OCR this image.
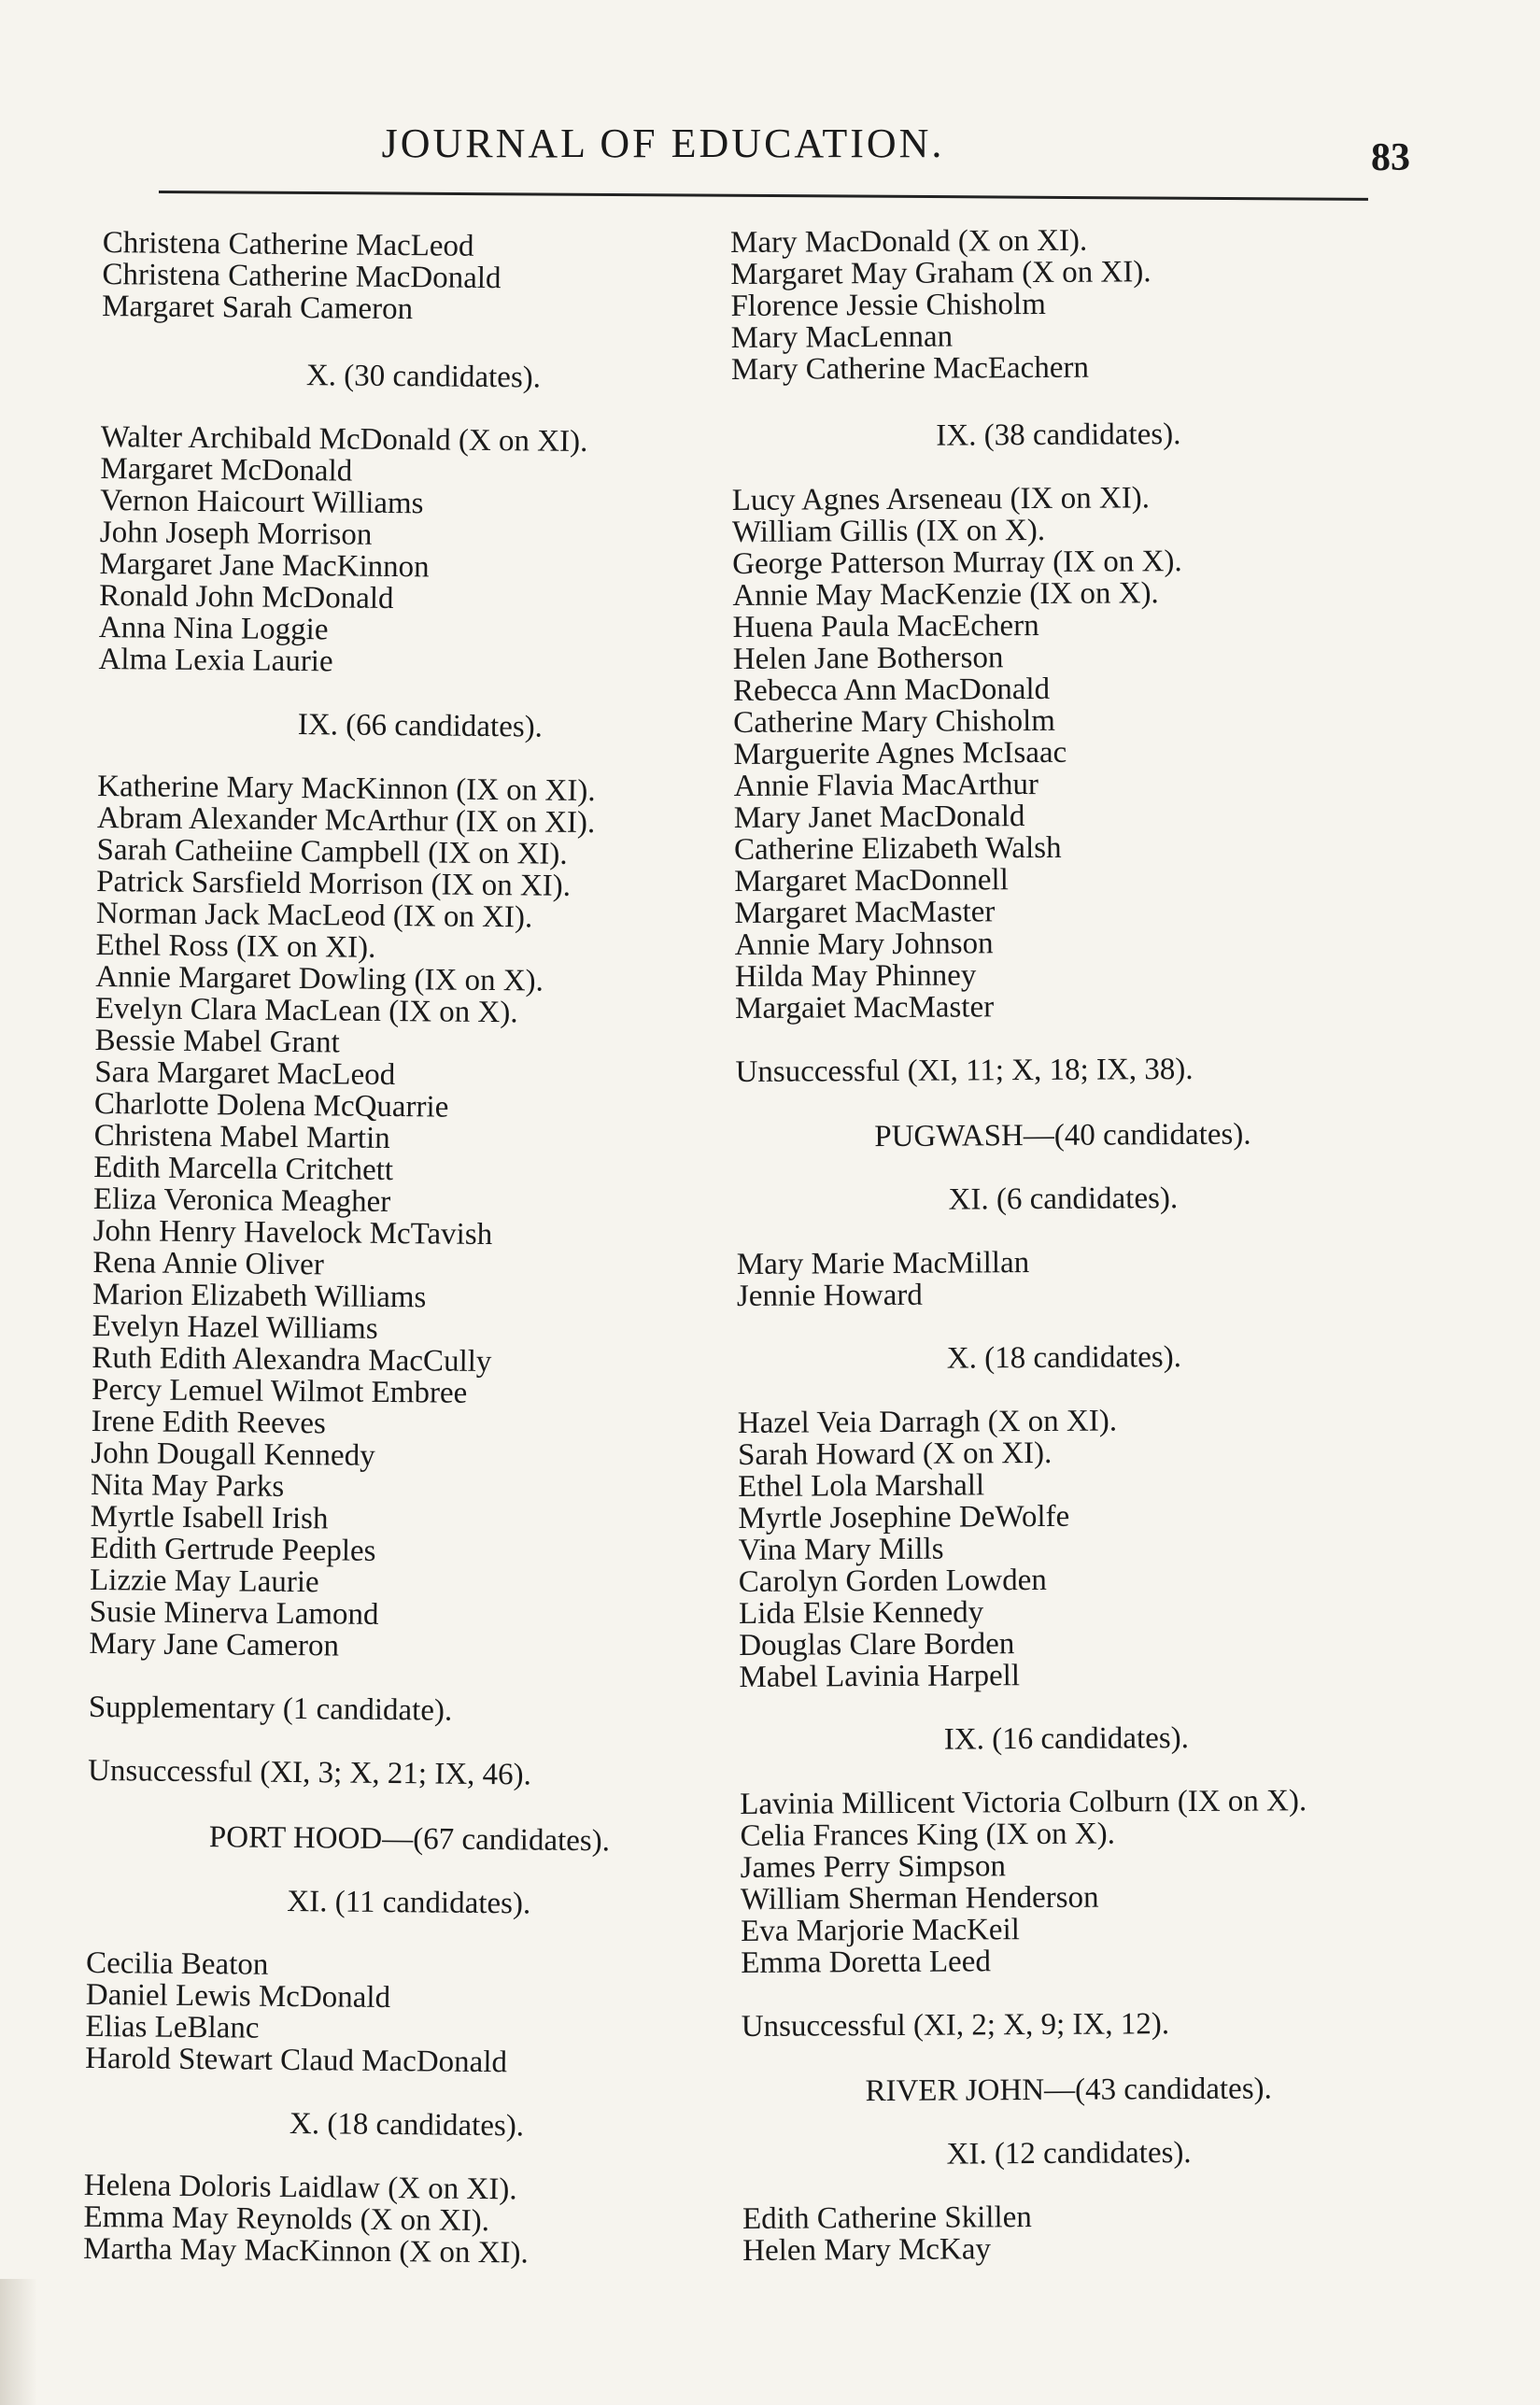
JOURNAL OF EDUCATION.	83
Christena Catherine MacLeod
Christena Catherine MacDonald
Margaret Sarah Cameron
X. (30 candidates).
Walter Archibald McDonald (X on XI).
Margaret McDonald
Vernon Haicourt Williams
John Joseph Morrison
Margaret Jane MacKinnon
Ronald John McDonald
Anna Nina Loggie
Alma Lexia Laurie
IX. (66 candidates).
Katherine Mary MacKinnon (IX on XI).
Abram Alexander McArthur (IX on XI).
Sarah Catheiine Campbell (IX on XI).
Patrick Sarsfield Morrison (IX on XI).
Norman Jack MacLeod (IX on XI).
Ethel Ross (IX on XI).
Annie Margaret Dowling (IX on X).
Evelyn Clara MacLean (IX on X).
Bessie Mabel Grant
Sara Margaret MacLeod
Charlotte Dolena McQuarrie
Christena Mabel Martin
Edith Marcella Critchett
Eliza Veronica Meagher
John Henry Havelock McTavish
Rena Annie Oliver
Marion Elizabeth Williams
Evelyn Hazel Williams
Ruth Edith Alexandra MacCully
Percy Lemuel Wilmot Embree
Irene Edith Reeves
John Dougall Kennedy
Nita May Parks
Myrtle Isabell Irish
Edith Gertrude Peeples
Lizzie May Laurie
Susie Minerva Lamond
Mary Jane Cameron
Supplementary (1 candidate).
Unsuccessful (XI, 3; X, 21; IX, 46).
PORT HOOD—(67 candidates).
XI. (11 candidates).
Cecilia Beaton
Daniel Lewis McDonald
Elias LeBlanc
Harold Stewart Claud MacDonald
X. (18 candidates).
Helena Doloris Laidlaw (X on XI).
Emma May Reynolds (X on XI).
Martha May MacKinnon (X on XI).
Mary MacDonald (X on XI).
Margaret May Graham (X on XI).
Florence Jessie Chisholm
Mary MacLennan
Mary Catherine MacEachern
IX. (38 candidates).
Lucy Agnes Arseneau (IX on XI).
William Gillis (IX on X).
George Patterson Murray (IX on X).
Annie May MacKenzie (IX on X).
Huena Paula MacEchern
Helen Jane Botherson
Rebecca Ann MacDonald
Catherine Mary Chisholm
Marguerite Agnes McIsaac
Annie Flavia MacArthur
Mary Janet MacDonald
Catherine Elizabeth Walsh
Margaret MacDonnell
Margaret MacMaster
Annie Mary Johnson
Hilda May Phinney
Margaiet MacMaster
Unsuccessful (XI, 11; X, 18; IX, 38).
PUGWASH—(40 candidates).
XI. (6 candidates).
Mary Marie MacMillan
Jennie Howard
X. (18 candidates).
Hazel Veia Darragh (X on XI).
Sarah Howard (X on XI).
Ethel Lola Marshall
Myrtle Josephine DeWolfe
Vina Mary Mills
Carolyn Gorden Lowden
Lida Elsie Kennedy
Douglas Clare Borden
Mabel Lavinia Harpell
IX. (16 candidates).
Lavinia Millicent Victoria Colburn (IX on X).
Celia Frances King (IX on X).
James Perry Simpson
William Sherman Henderson
Eva Marjorie MacKeil
Emma Doretta Leed
Unsuccessful (XI, 2; X, 9; IX, 12).
RIVER JOHN—(43 candidates).
XI. (12 candidates).
Edith Catherine Skillen
Helen Mary McKay
